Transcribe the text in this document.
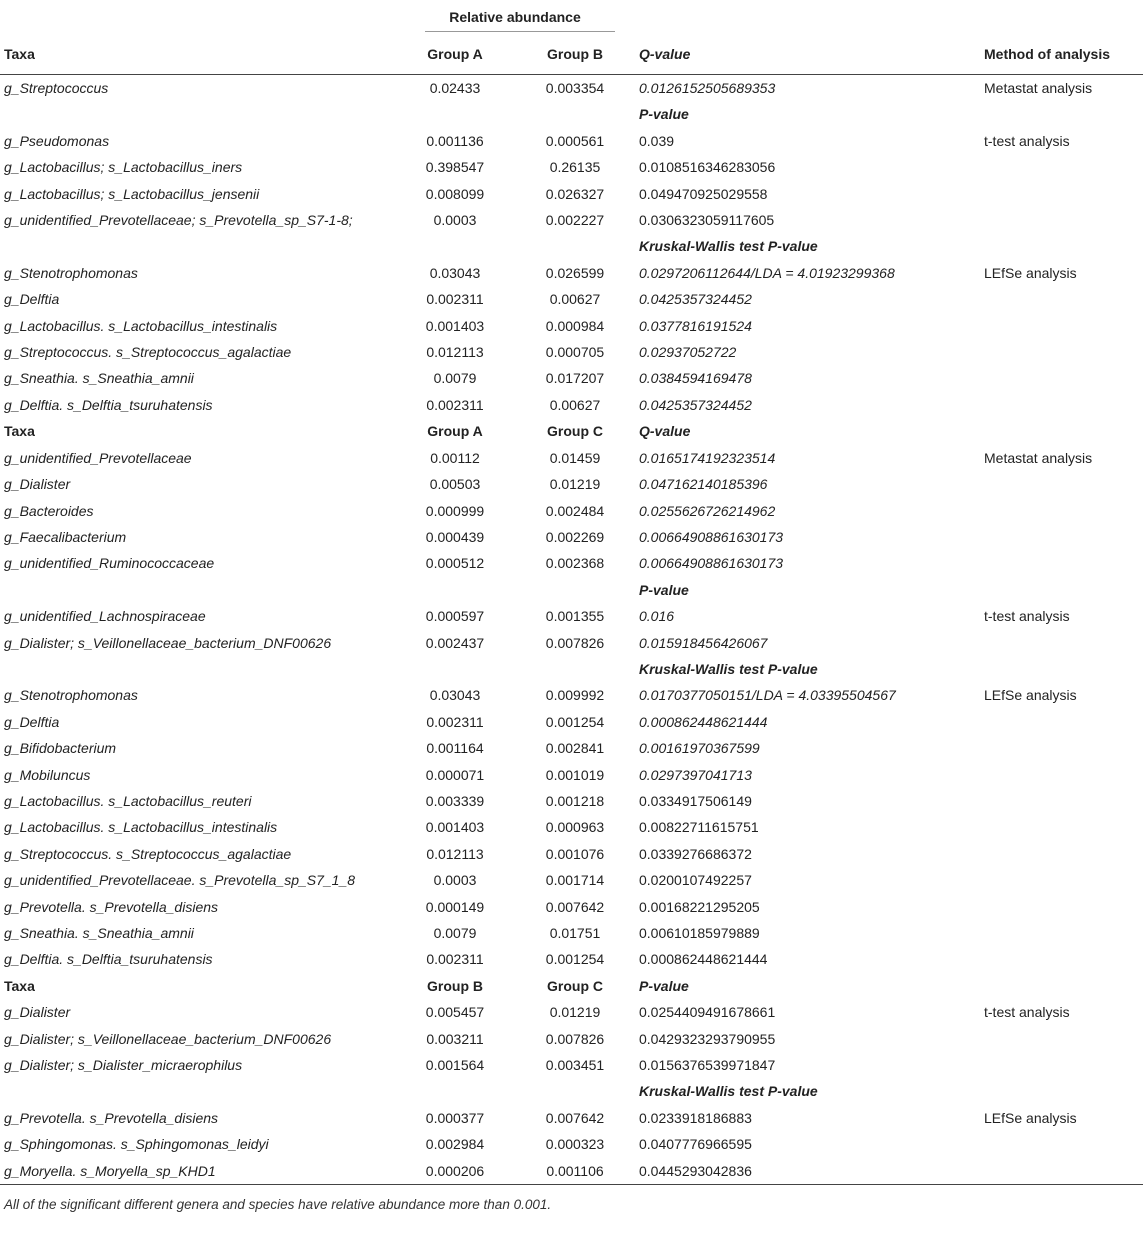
	Relative abundance	

Taxa	Group A	Group B	Q-value	Method of analysis
g_Streptococcus	0.02433	0.003354	0.0126152505689353	Metastat analysis
			P-value	
g_Pseudomonas	0.001136	0.000561	0.039	t-test analysis
g_Lactobacillus; s_Lactobacillus_iners	0.398547	0.26135	0.0108516346283056	
g_Lactobacillus; s_Lactobacillus_jensenii	0.008099	0.026327	0.049470925029558	
g_unidentified_Prevotellaceae; s_Prevotella_sp_S7-1-8;	0.0003	0.002227	0.0306323059117605	
			Kruskal-Wallis test P-value	
g_Stenotrophomonas	0.03043	0.026599	0.0297206112644/LDA = 4.01923299368	LEfSe analysis
g_Delftia	0.002311	0.00627	0.0425357324452	
g_Lactobacillus. s_Lactobacillus_intestinalis	0.001403	0.000984	0.0377816191524	
g_Streptococcus. s_Streptococcus_agalactiae	0.012113	0.000705	0.02937052722	
g_Sneathia. s_Sneathia_amnii	0.0079	0.017207	0.0384594169478	
g_Delftia. s_Delftia_tsuruhatensis	0.002311	0.00627	0.0425357324452	
Taxa	Group A	Group C	Q-value	
g_unidentified_Prevotellaceae	0.00112	0.01459	0.0165174192323514	Metastat analysis
g_Dialister	0.00503	0.01219	0.047162140185396	
g_Bacteroides	0.000999	0.002484	0.0255626726214962	
g_Faecalibacterium	0.000439	0.002269	0.00664908861630173	
g_unidentified_Ruminococcaceae	0.000512	0.002368	0.00664908861630173	
			P-value	
g_unidentified_Lachnospiraceae	0.000597	0.001355	0.016	t-test analysis
g_Dialister; s_Veillonellaceae_bacterium_DNF00626	0.002437	0.007826	0.015918456426067	
			Kruskal-Wallis test P-value	
g_Stenotrophomonas	0.03043	0.009992	0.0170377050151/LDA = 4.03395504567	LEfSe analysis
g_Delftia	0.002311	0.001254	0.000862448621444	
g_Bifidobacterium	0.001164	0.002841	0.00161970367599	
g_Mobiluncus	0.000071	0.001019	0.0297397041713	
g_Lactobacillus. s_Lactobacillus_reuteri	0.003339	0.001218	0.0334917506149	
g_Lactobacillus. s_Lactobacillus_intestinalis	0.001403	0.000963	0.00822711615751	
g_Streptococcus. s_Streptococcus_agalactiae	0.012113	0.001076	0.0339276686372	
g_unidentified_Prevotellaceae. s_Prevotella_sp_S7_1_8	0.0003	0.001714	0.0200107492257	
g_Prevotella. s_Prevotella_disiens	0.000149	0.007642	0.00168221295205	
g_Sneathia. s_Sneathia_amnii	0.0079	0.01751	0.00610185979889	
g_Delftia. s_Delftia_tsuruhatensis	0.002311	0.001254	0.000862448621444	
Taxa	Group B	Group C	P-value	
g_Dialister	0.005457	0.01219	0.0254409491678661	t-test analysis
g_Dialister; s_Veillonellaceae_bacterium_DNF00626	0.003211	0.007826	0.0429323293790955	
g_Dialister; s_Dialister_micraerophilus	0.001564	0.003451	0.0156376539971847	
			Kruskal-Wallis test P-value	
g_Prevotella. s_Prevotella_disiens	0.000377	0.007642	0.0233918186883	LEfSe analysis
g_Sphingomonas. s_Sphingomonas_leidyi	0.002984	0.000323	0.0407776966595	
g_Moryella. s_Moryella_sp_KHD1	0.000206	0.001106	0.0445293042836	
All of the significant different genera and species have relative abundance more than 0.001.
